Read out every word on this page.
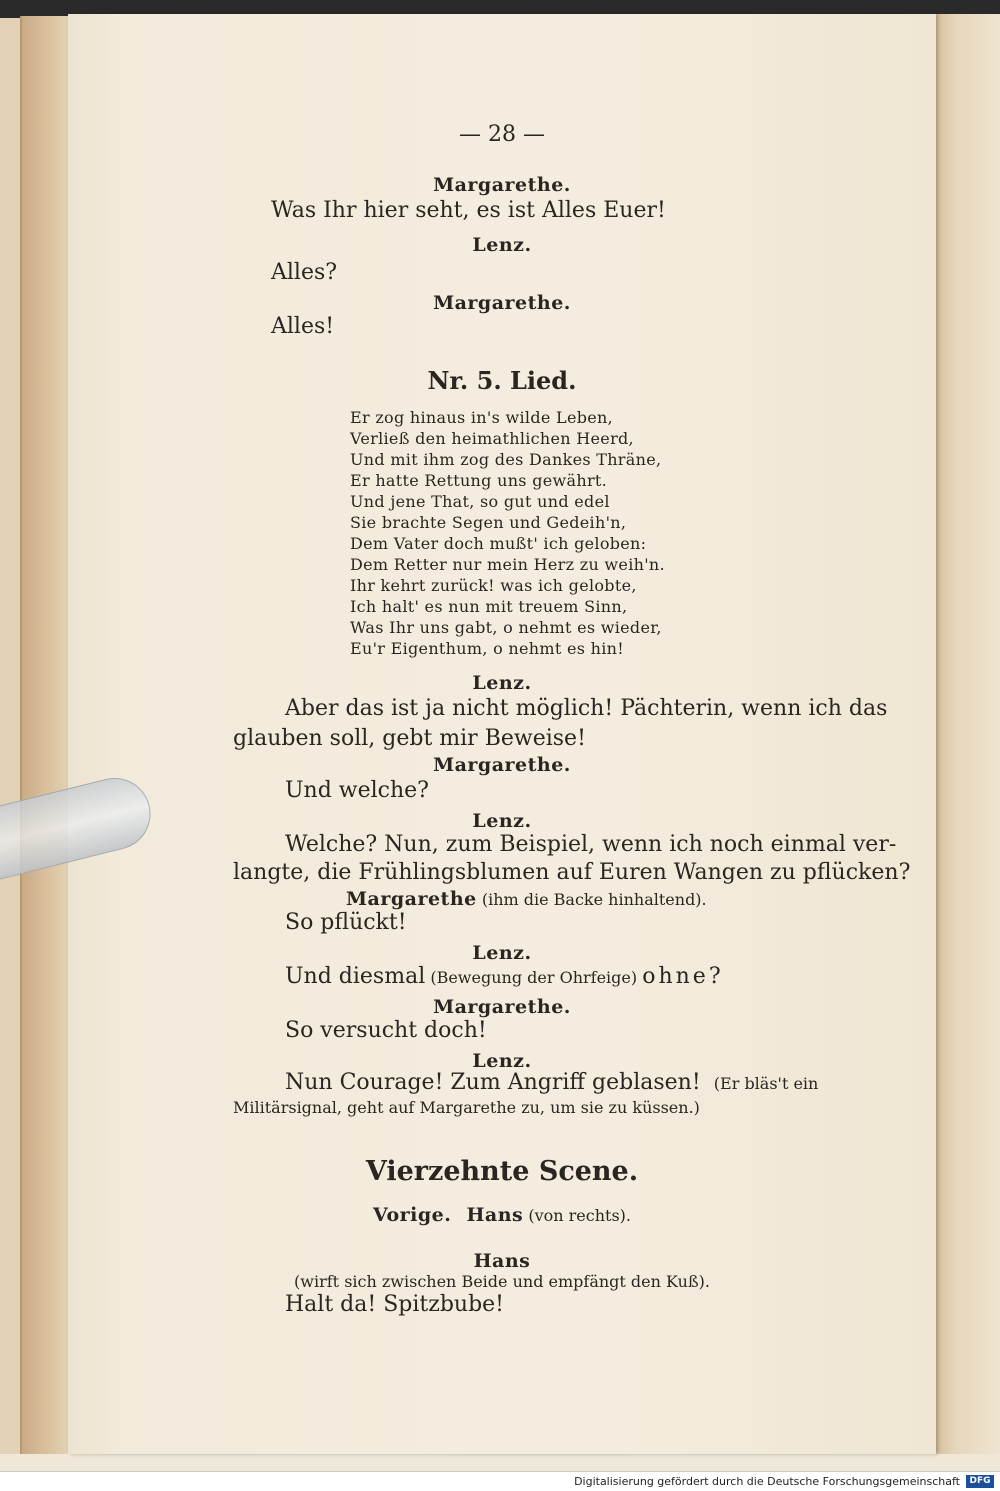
— 28 —
Margarethe.
Was Ihr hier seht, es ist Alles Euer!
Lenz.
Alles?
Margarethe.
Alles!
Nr. 5. Lied.
Er zog hinaus in's wilde Leben,
Verließ den heimathlichen Heerd,
Und mit ihm zog des Dankes Thräne,
Er hatte Rettung uns gewährt.
Und jene That, so gut und edel
Sie brachte Segen und Gedeih'n,
Dem Vater doch mußt' ich geloben:
Dem Retter nur mein Herz zu weih'n.
Ihr kehrt zurück! was ich gelobte,
Ich halt' es nun mit treuem Sinn,
Was Ihr uns gabt, o nehmt es wieder,
Eu'r Eigenthum, o nehmt es hin!
Lenz.
Aber das ist ja nicht möglich! Pächterin, wenn ich das
glauben soll, gebt mir Beweise!
Margarethe.
Und welche?
Lenz.
Welche? Nun, zum Beispiel, wenn ich noch einmal ver-
langte, die Frühlingsblumen auf Euren Wangen zu pflücken?
Margarethe (ihm die Backe hinhaltend).
So pflückt!
Lenz.
Und diesmal (Bewegung der Ohrfeige) ohne?
Margarethe.
So versucht doch!
Lenz.
Nun Courage! Zum Angriff geblasen! (Er bläs't ein
Militärsignal, geht auf Margarethe zu, um sie zu küssen.)
Vierzehnte Scene.
Vorige. Hans (von rechts).
Hans
(wirft sich zwischen Beide und empfängt den Kuß).
Halt da! Spitzbube!
Digitalisierung gefördert durch die Deutsche Forschungsgemeinschaft	DFG
